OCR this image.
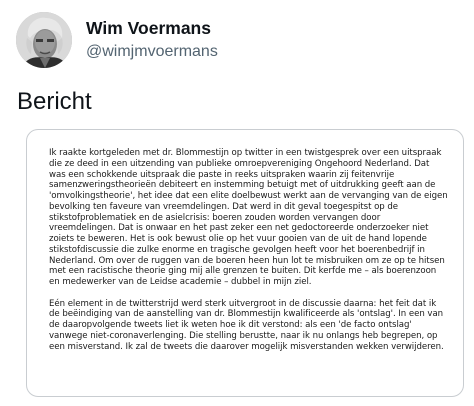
Wim Voermans
@wimjmvoermans
Bericht
Ik raakte kortgeleden met dr. Blommestijn op twitter in een twistgesprek over een uitspraak
die ze deed in een uitzending van publieke omroepvereniging Ongehoord Nederland. Dat
was een schokkende uitspraak die paste in reeks uitspraken waarin zij feitenvrije
samenzweringstheorieën debiteert en instemming betuigt met of uitdrukking geeft aan de
'omvolkingstheorie', het idee dat een elite doelbewust werkt aan de vervanging van de eigen
bevolking ten faveure van vreemdelingen. Dat werd in dit geval toegespitst op de
stikstofproblematiek en de asielcrisis: boeren zouden worden vervangen door
vreemdelingen. Dat is onwaar en het past zeker een net gedoctoreerde onderzoeker niet
zoiets te beweren. Het is ook bewust olie op het vuur gooien van de uit de hand lopende
stikstofdiscussie die zulke enorme en tragische gevolgen heeft voor het boerenbedrijf in
Nederland. Om over de ruggen van de boeren heen hun lot te misbruiken om ze op te hitsen
met een racistische theorie ging mij alle grenzen te buiten. Dit kerfde me – als boerenzoon
en medewerker van de Leidse academie – dubbel in mijn ziel.
Eén element in de twitterstrijd werd sterk uitvergroot in de discussie daarna: het feit dat ik
de beëindiging van de aanstelling van dr. Blommestijn kwalificeerde als 'ontslag'. In een van
de daaropvolgende tweets liet ik weten hoe ik dit verstond: als een 'de facto ontslag'
vanwege niet-coronaverlenging. Die stelling berustte, naar ik nu onlangs heb begrepen, op
een misverstand. Ik zal de tweets die daarover mogelijk misverstanden wekken verwijderen.
